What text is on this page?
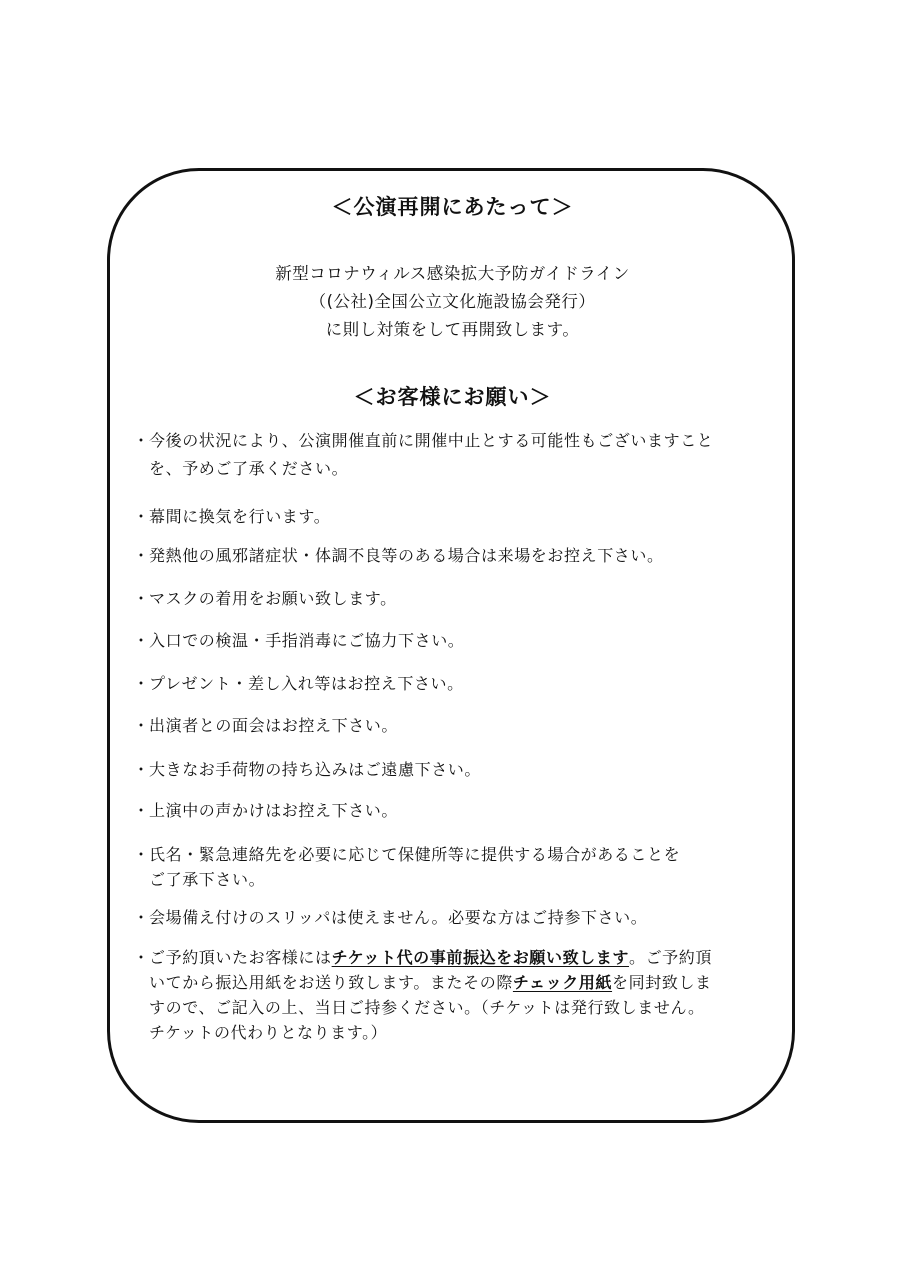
＜公演再開にあたって＞
新型コロナウィルス感染拡大予防ガイドライン
（(公社)全国公立文化施設協会発行）
に則し対策をして再開致します。
＜お客様にお願い＞
・ 今後の状況により、公演開催直前に開催中止とする可能性もございますこと
を、予めご了承ください。
・ 幕間に換気を行います。
・ 発熱他の風邪諸症状・体調不良等のある場合は来場をお控え下さい。
・ マスクの着用をお願い致します。
・ 入口での検温・手指消毒にご協力下さい。
・ プレゼント・差し入れ等はお控え下さい。
・ 出演者との面会はお控え下さい。
・ 大きなお手荷物の持ち込みはご遠慮下さい。
・ 上演中の声かけはお控え下さい。
・ 氏名・緊急連絡先を必要に応じて保健所等に提供する場合があることを
ご了承下さい。
・ 会場備え付けのスリッパは使えません。必要な方はご持参下さい。
・ ご予約頂いたお客様にはチケット代の事前振込をお願い致します。ご予約頂
いてから振込用紙をお送り致します。またその際チェック用紙を同封致しま
すので、ご記入の上、当日ご持参ください。（チケットは発行致しません。
チケットの代わりとなります。）
